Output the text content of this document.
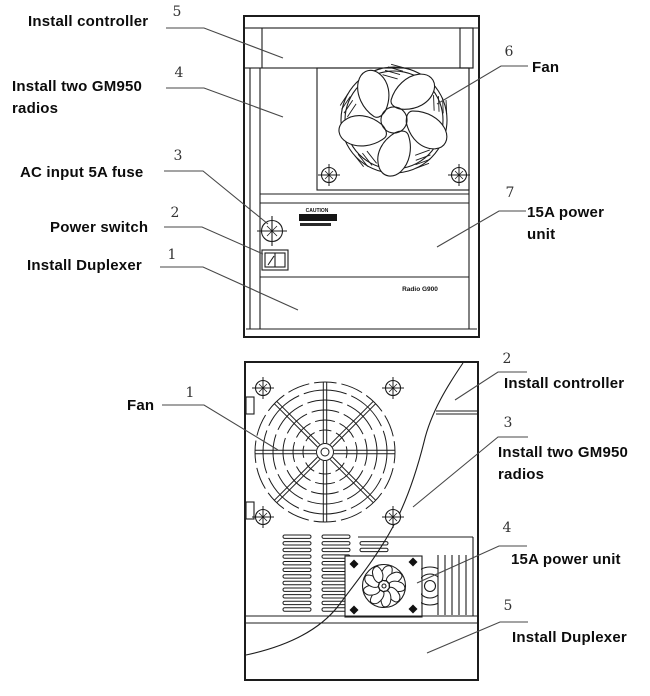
CAUTION
Radio G900
Install controller
Install two GM950 radios
AC input 5A fuse
Power switch
Install Duplexer
Fan
15A power unit
5
4
3
2
1
6
7
Fan
Install controller
Install two GM950 radios
15A power unit
Install Duplexer
1
2
3
4
5
